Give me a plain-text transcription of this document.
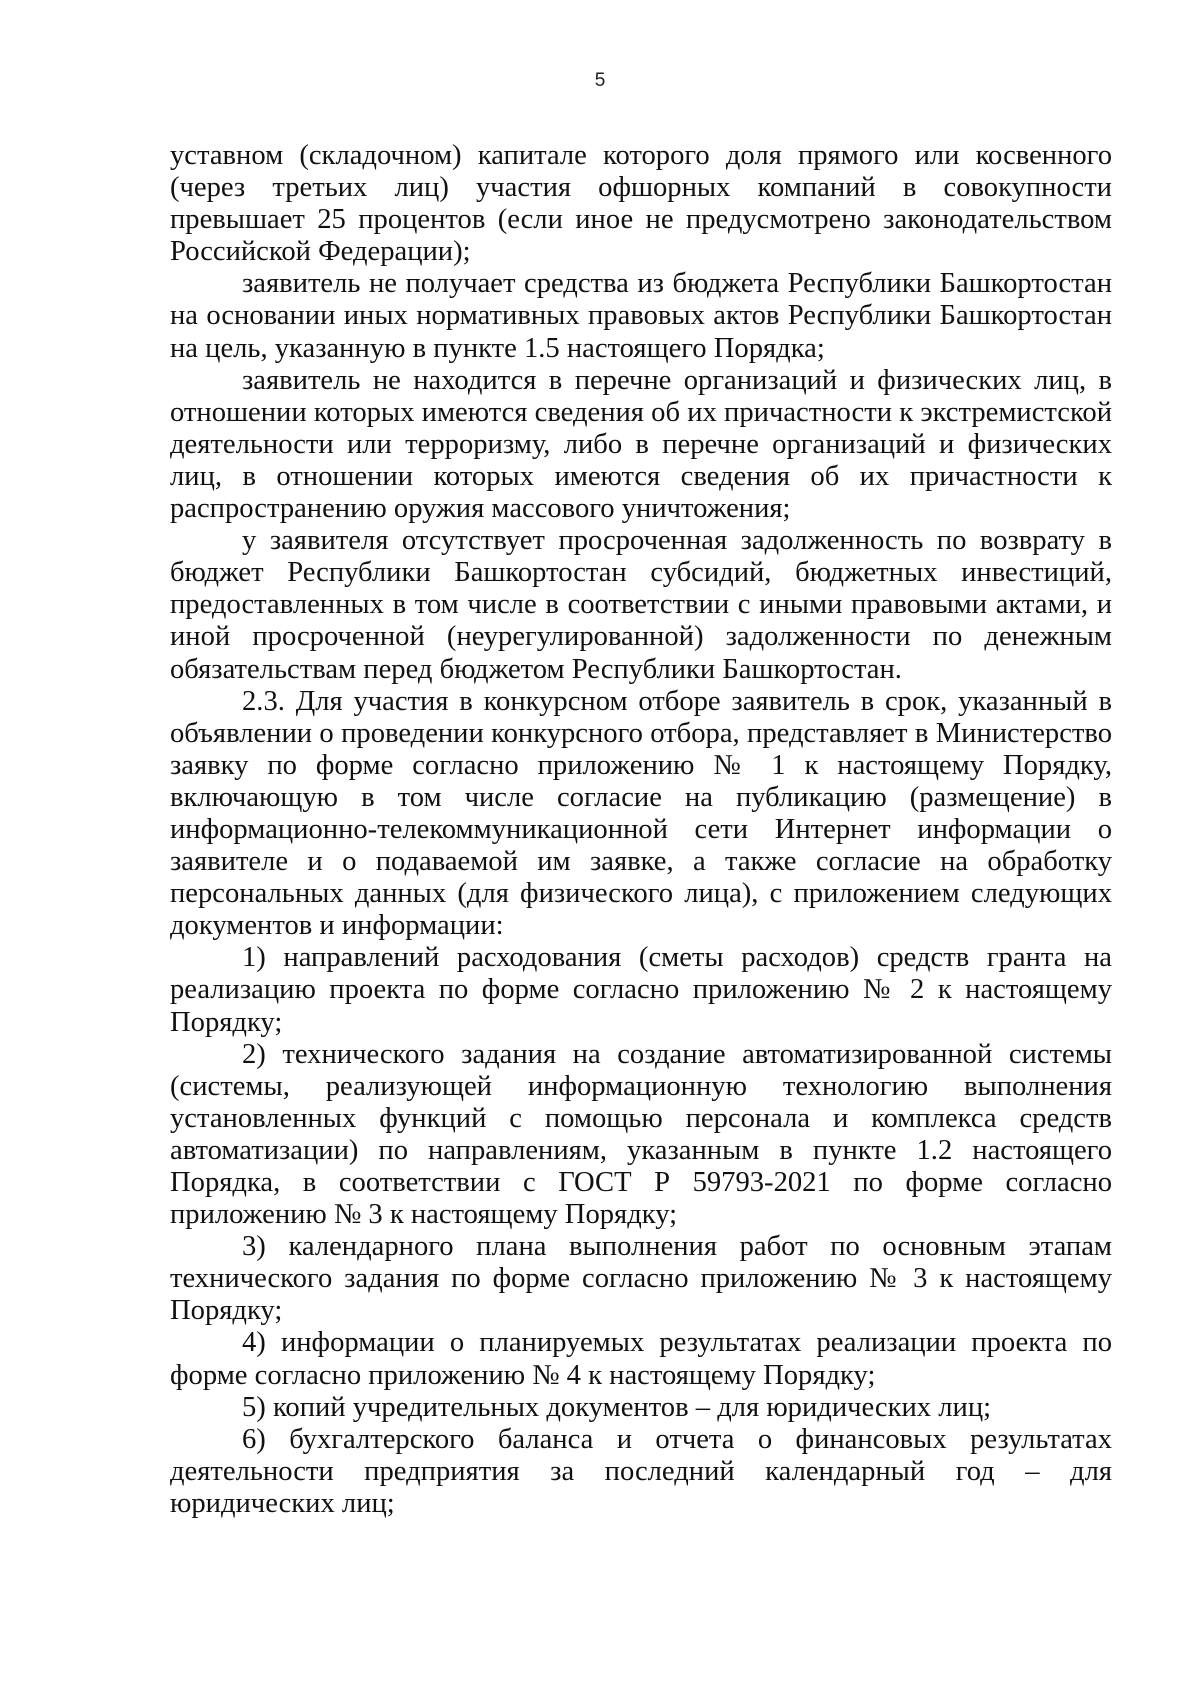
5

уставном (складочном) капитале которого доля прямого или косвенного (через третьих лиц) участия офшорных компаний в совокупности превышает 25 процентов (если иное не предусмотрено законодательством Российской Федерации);

заявитель не получает средства из бюджета Республики Башкортостан на основании иных нормативных правовых актов Республики Башкортостан на цель, указанную в пункте 1.5 настоящего Порядка;

заявитель не находится в перечне организаций и физических лиц, в отношении которых имеются сведения об их причастности к экстремистской деятельности или терроризму, либо в перечне организаций и физических лиц, в отношении которых имеются сведения об их причастности к распространению оружия массового уничтожения;

у заявителя отсутствует просроченная задолженность по возврату в бюджет Республики Башкортостан субсидий, бюджетных инвестиций, предоставленных в том числе в соответствии с иными правовыми актами, и иной просроченной (неурегулированной) задолженности по денежным обязательствам перед бюджетом Республики Башкортостан.

2.3. Для участия в конкурсном отборе заявитель в срок, указанный в объявлении о проведении конкурсного отбора, представляет в Министерство заявку по форме согласно приложению № 1 к настоящему Порядку, включающую в том числе согласие на публикацию (размещение) в информационно-телекоммуникационной сети Интернет информации о заявителе и о подаваемой им заявке, а также согласие на обработку персональных данных (для физического лица), с приложением следующих документов и информации:

1) направлений расходования (сметы расходов) средств гранта на реализацию проекта по форме согласно приложению № 2 к настоящему Порядку;

2) технического задания на создание автоматизированной системы (системы, реализующей информационную технологию выполнения установленных функций с помощью персонала и комплекса средств автоматизации) по направлениям, указанным в пункте 1.2 настоящего Порядка, в соответствии с ГОСТ Р 59793-2021 по форме согласно приложению № 3 к настоящему Порядку;

3) календарного плана выполнения работ по основным этапам технического задания по форме согласно приложению № 3 к настоящему Порядку;

4) информации о планируемых результатах реализации проекта по форме согласно приложению № 4 к настоящему Порядку;

5) копий учредительных документов – для юридических лиц;

6) бухгалтерского баланса и отчета о финансовых результатах деятельности предприятия за последний календарный год – для юридических лиц;
